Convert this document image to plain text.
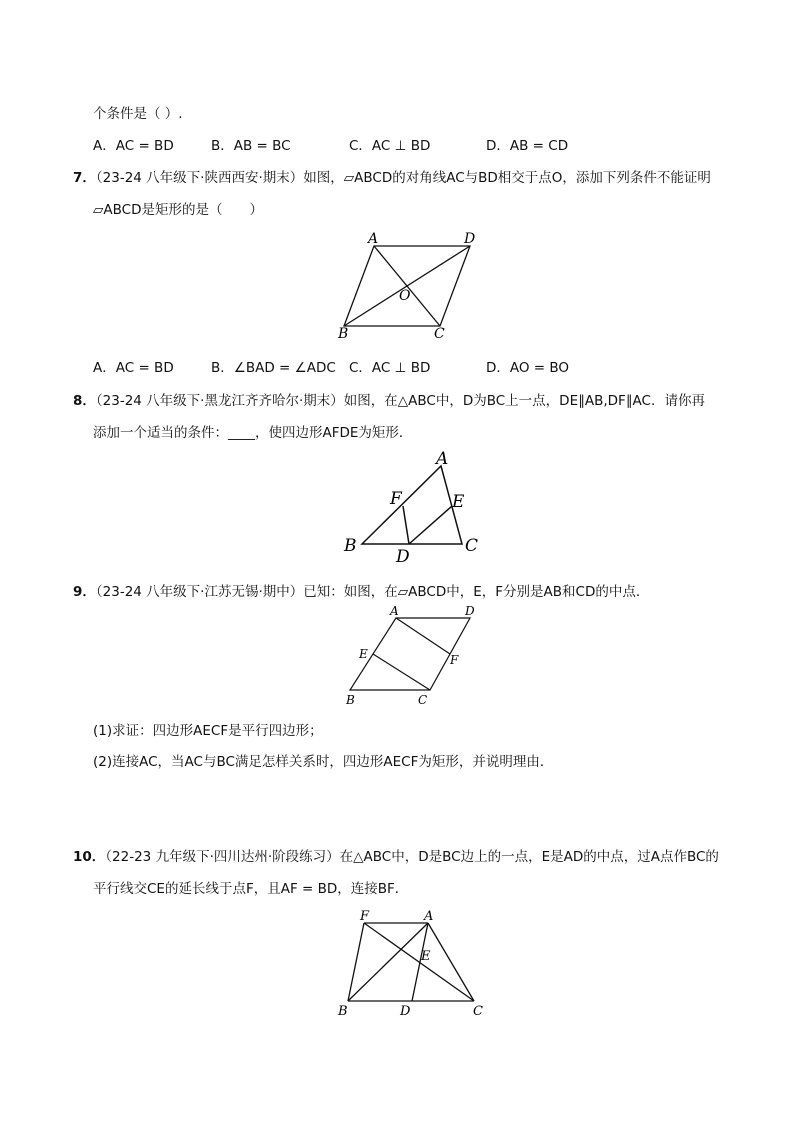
个条件是（ ）.
A．AC = BD	B．AB = BC	C．AC ⊥ BD	D．AB = CD
7．（23-24 八年级下·陕西西安·期末）如图，▱ABCD的对角线AC与BD相交于点O，添加下列条件不能证明
▱ABCD是矩形的是（　　）
A	D
B	C
O
A．AC = BD	B．∠BAD = ∠ADC C．AC ⊥ BD	D．AO = BO
8．（23-24 八年级下·黑龙江齐齐哈尔·期末）如图，在△ABC中，D为BC上一点，DE∥AB,DF∥AC．请你再
添加一个适当的条件：____，使四边形AFDE为矩形．
A
B	C
D
E
F
9．（23-24 八年级下·江苏无锡·期中）已知：如图，在▱ABCD中，E，F分别是AB和CD的中点．
A	D
B	C
E	F
(1)求证：四边形AECF是平行四边形；
(2)连接AC，当AC与BC满足怎样关系时，四边形AECF为矩形，并说明理由．
10．（22-23 九年级下·四川达州·阶段练习）在△ABC中，D是BC边上的一点，E是AD的中点，过A点作BC的
平行线交CE的延长线于点F，且AF = BD，连接BF．
F	A
B	D	C
E
